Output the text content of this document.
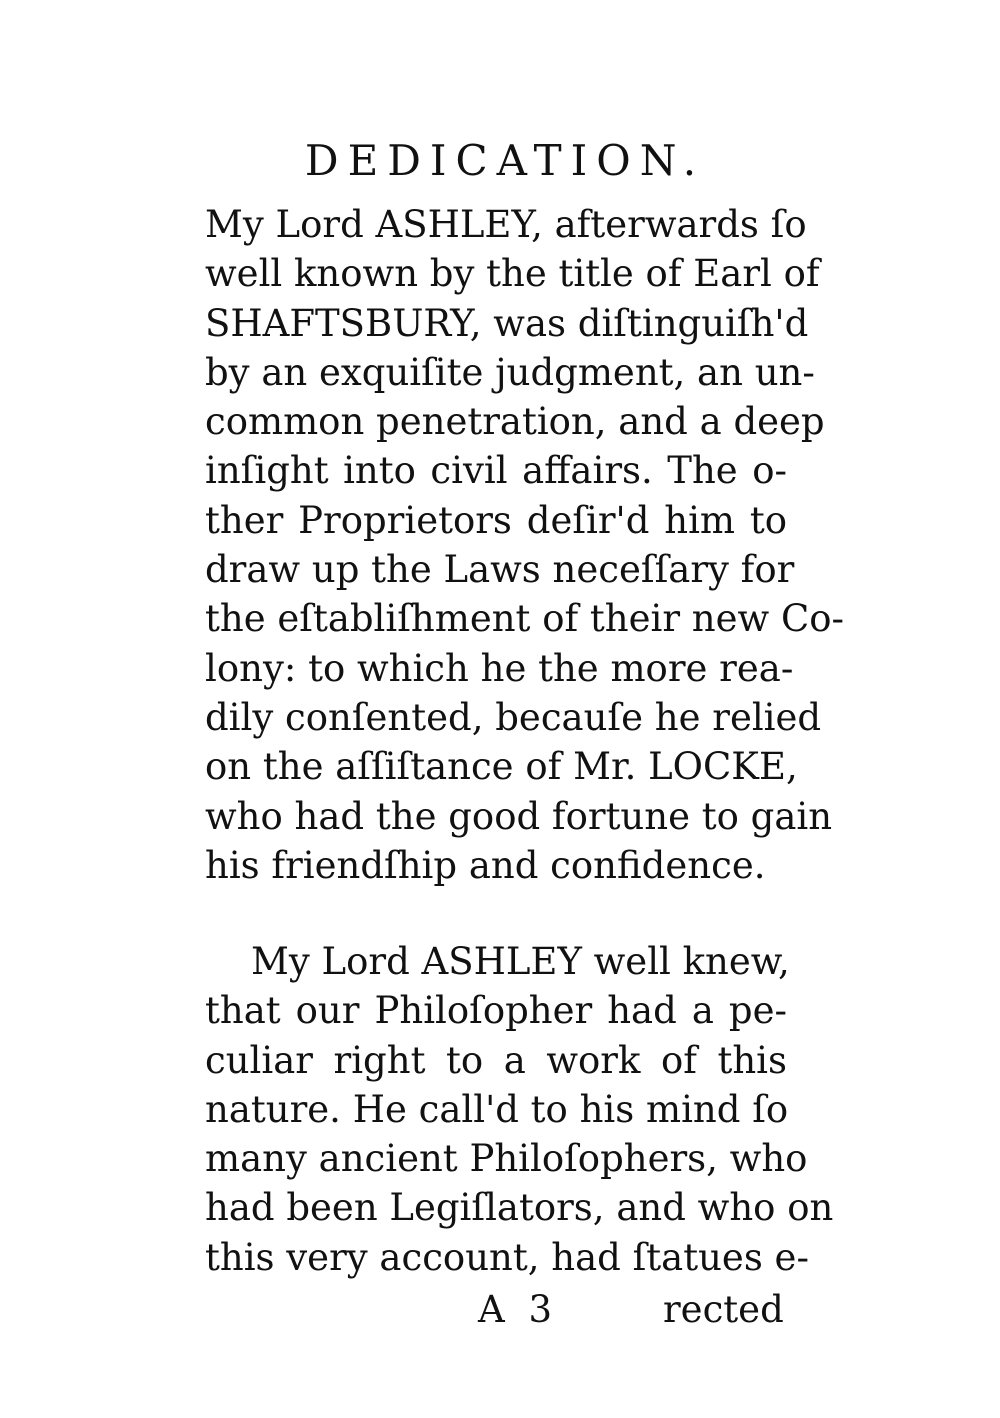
DEDICATION.
My Lord ASHLEY, afterwards ſo
well known by the title of Earl of
SHAFTSBURY, was diſtinguiſh'd
by an exquiſite judgment, an un-
common penetration, and a deep
inſight into civil affairs. The o-
ther Proprietors deſir'd him to
draw up the Laws neceſſary for
the eſtabliſhment of their new Co-
lony: to which he the more rea-
dily conſented, becauſe he relied
on the aſſiſtance of Mr. LOCKE,
who had the good fortune to gain
his friendſhip and confidence.
My Lord ASHLEY well knew,
that our Philoſopher had a pe-
culiar right to a work of this
nature. He call'd to his mind ſo
many ancient Philoſophers, who
had been Legiſlators, and who on
this very account, had ſtatues e-
A 3	rected
